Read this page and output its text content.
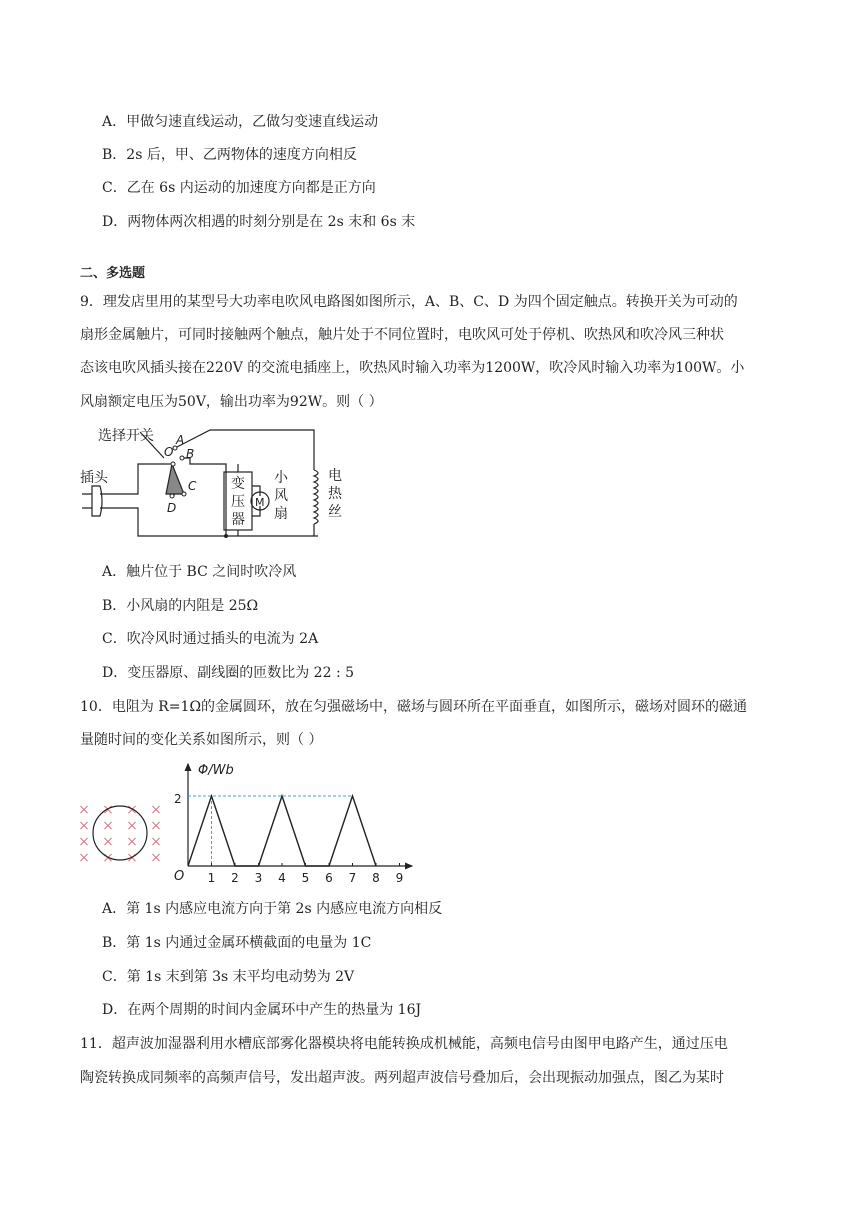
A．甲做匀速直线运动，乙做匀变速直线运动
B．2s 后，甲、乙两物体的速度方向相反
C．乙在 6s 内运动的加速度方向都是正方向
D．两物体两次相遇的时刻分别是在 2s 末和 6s 末
二、多选题
9．理发店里用的某型号大功率电吹风电路图如图所示，A、B、C、D 为四个固定触点。转换开关为可动的
扇形金属触片，可同时接触两个触点，触片处于不同位置时，电吹风可处于停机、吹热风和吹冷风三种状
态该电吹风插头接在220V 的交流电插座上，吹热风时输入功率为1200W，吹冷风时输入功率为100W。小
风扇额定电压为50V，输出功率为92W。则（ ）
选择开关
插头
O
A
B
C
D
变
压
器
M
小
风
扇
电
热
丝
A．触片位于 BC 之间时吹冷风
B．小风扇的内阻是 25Ω
C．吹冷风时通过插头的电流为 2A
D．变压器原、副线圈的匝数比为 22 : 5
10．电阻为 R=1Ω的金属圆环，放在匀强磁场中，磁场与圆环所在平面垂直，如图所示，磁场对圆环的磁通
量随时间的变化关系如图所示，则（ ）
× × × ×
× × × ×
× × × ×
× × × ×
1 2 3 4 5 6 7 8 9
Φ/Wb
O
2
A．第 1s 内感应电流方向于第 2s 内感应电流方向相反
B．第 1s 内通过金属环横截面的电量为 1C
C．第 1s 末到第 3s 末平均电动势为 2V
D．在两个周期的时间内金属环中产生的热量为 16J
11．超声波加湿器利用水槽底部雾化器模块将电能转换成机械能，高频电信号由图甲电路产生，通过压电
陶瓷转换成同频率的高频声信号，发出超声波。两列超声波信号叠加后，会出现振动加强点，图乙为某时
